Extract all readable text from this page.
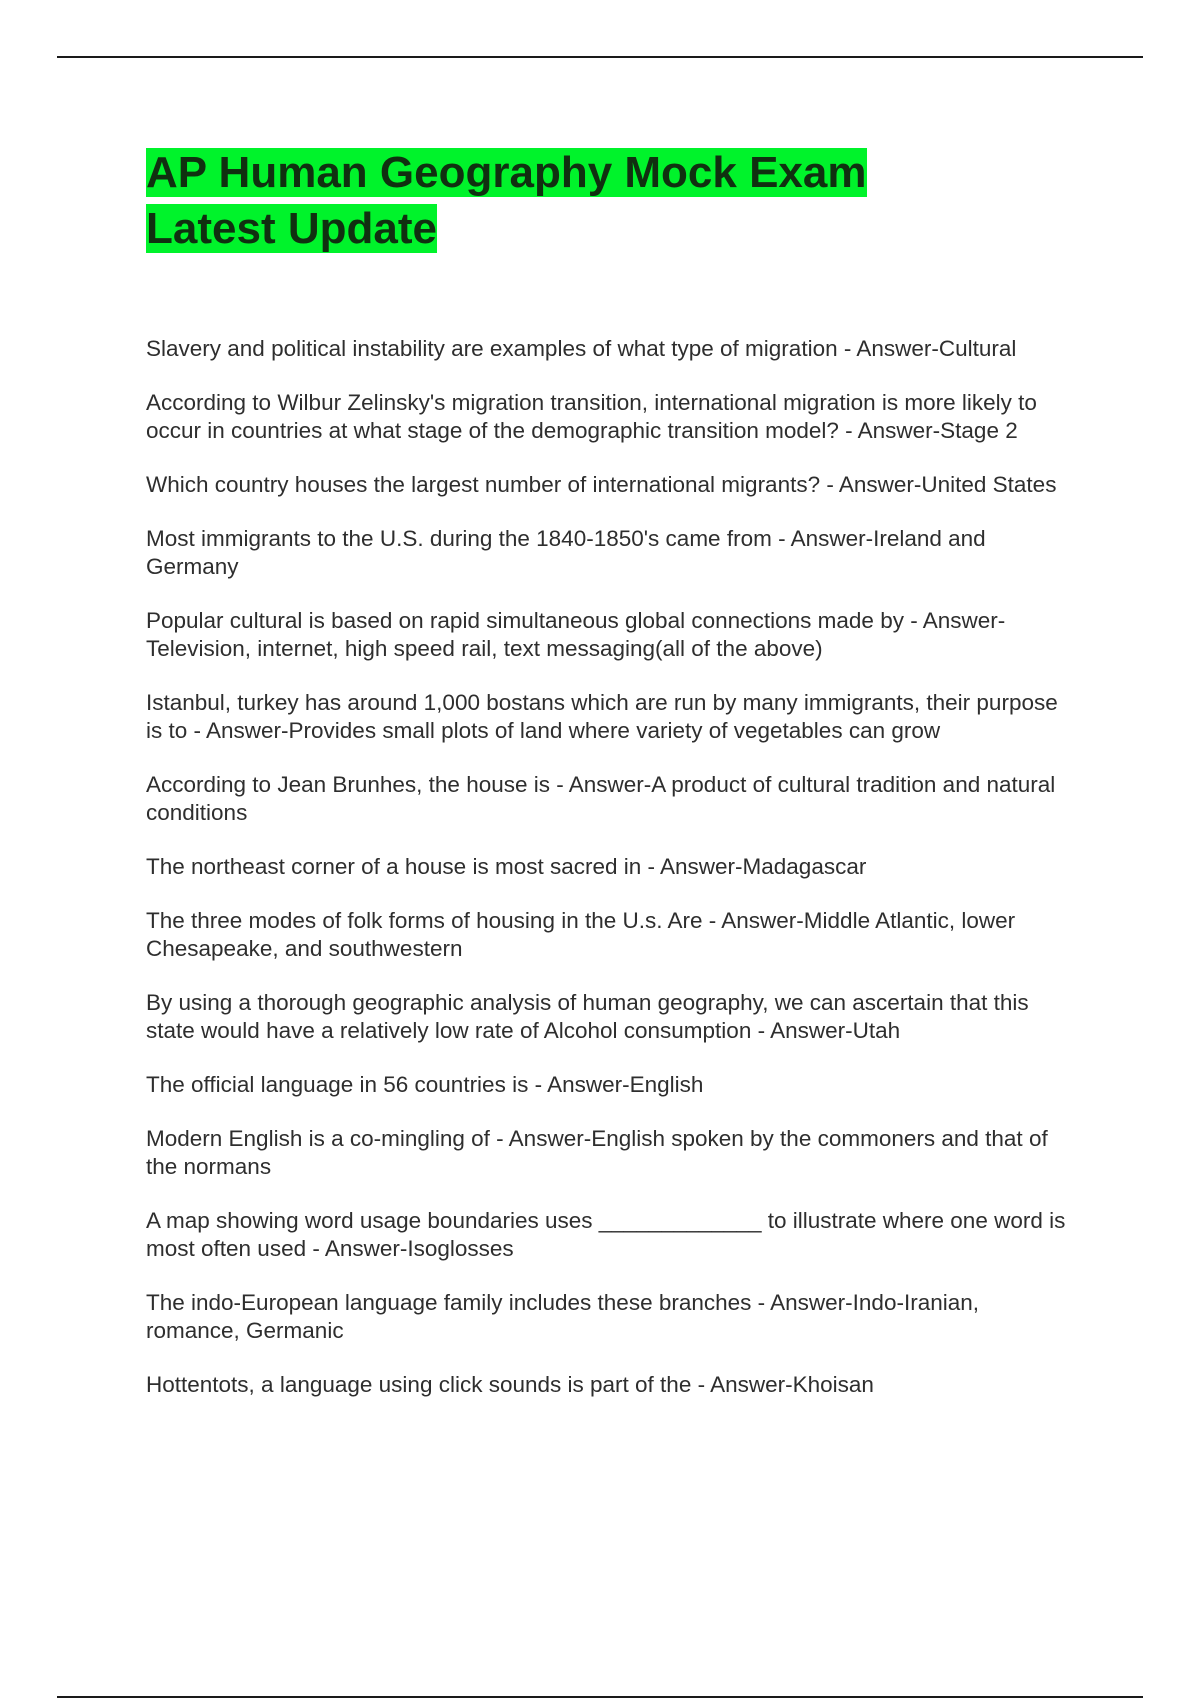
AP Human Geography Mock Exam
Latest Update

Slavery and political instability are examples of what type of migration - Answer-Cultural

According to Wilbur Zelinsky's migration transition, international migration is more likely to occur in countries at what stage of the demographic transition model? - Answer-Stage 2

Which country houses the largest number of international migrants? - Answer-United States

Most immigrants to the U.S. during the 1840-1850's came from - Answer-Ireland and Germany

Popular cultural is based on rapid simultaneous global connections made by - Answer-Television, internet, high speed rail, text messaging(all of the above)

Istanbul, turkey has around 1,000 bostans which are run by many immigrants, their purpose is to - Answer-Provides small plots of land where variety of vegetables can grow

According to Jean Brunhes, the house is - Answer-A product of cultural tradition and natural conditions

The northeast corner of a house is most sacred in - Answer-Madagascar

The three modes of folk forms of housing in the U.s. Are - Answer-Middle Atlantic, lower Chesapeake, and southwestern

By using a thorough geographic analysis of human geography, we can ascertain that this state would have a relatively low rate of Alcohol consumption - Answer-Utah

The official language in 56 countries is - Answer-English

Modern English is a co-mingling of - Answer-English spoken by the commoners and that of the normans

A map showing word usage boundaries uses _____________ to illustrate where one word is most often used - Answer-Isoglosses

The indo-European language family includes these branches - Answer-Indo-Iranian, romance, Germanic

Hottentots, a language using click sounds is part of the - Answer-Khoisan
